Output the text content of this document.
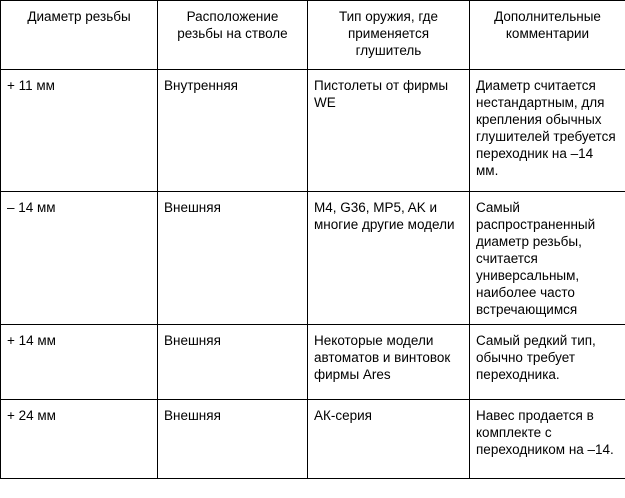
Диаметр резьбы	Расположение резьбы на стволе	Тип оружия, где применяется глушитель	Дополнительные комментарии

+ 11 мм	Внутренняя	Пистолеты от фирмы WE	Диаметр считается нестандартным, для крепления обычных глушителей требуется переходник на –14 мм.

– 14 мм	Внешняя	M4, G36, MP5, AK и многие другие модели	Самый распространенный диаметр резьбы, считается универсальным, наиболее часто встречающимся

+ 14 мм	Внешняя	Некоторые модели автоматов и винтовок фирмы Ares	Самый редкий тип, обычно требует переходника.

+ 24 мм	Внешняя	АК-серия	Навес продается в комплекте с переходником на –14.
